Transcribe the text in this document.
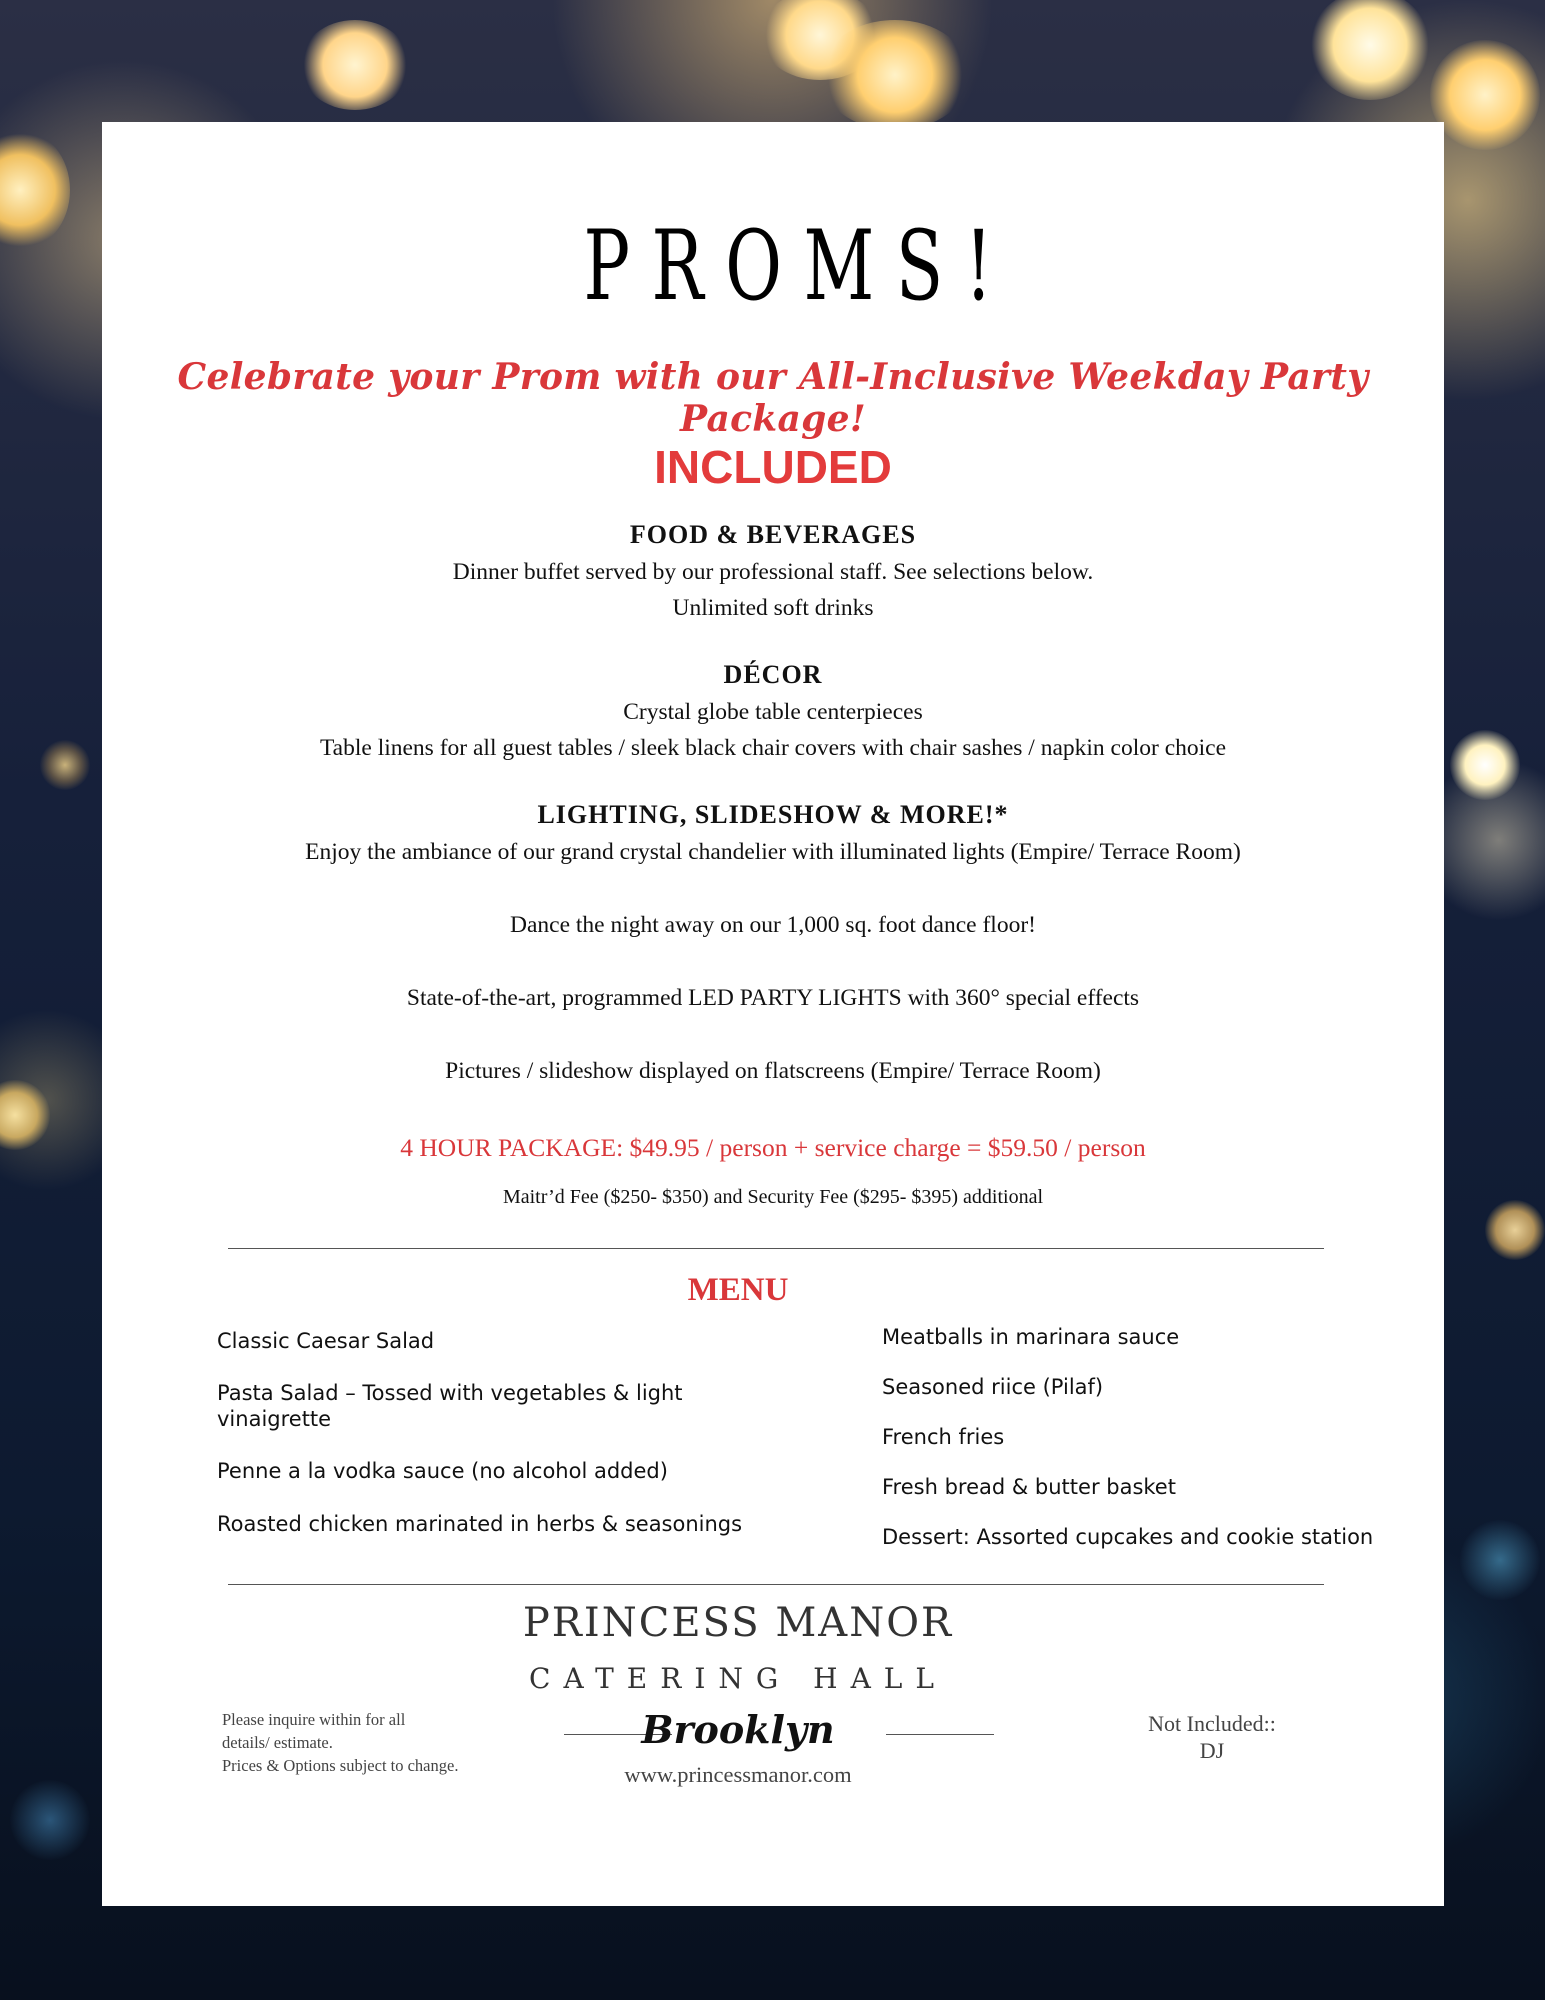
PROMS!
Celebrate your Prom with our All-Inclusive Weekday Party Package!
INCLUDED
FOOD & BEVERAGES
Dinner buffet served by our professional staff. See selections below.
Unlimited soft drinks
DÉCOR
Crystal globe table centerpieces
Table linens for all guest tables / sleek black chair covers with chair sashes / napkin color choice
LIGHTING, SLIDESHOW & MORE!*
Enjoy the ambiance of our grand crystal chandelier with illuminated lights (Empire/ Terrace Room)
Dance the night away on our 1,000 sq. foot dance floor!
State-of-the-art, programmed LED PARTY LIGHTS with 360° special effects
Pictures / slideshow displayed on flatscreens (Empire/ Terrace Room)
4 HOUR PACKAGE: $49.95 / person + service charge = $59.50 / person
Maitr’d Fee ($250- $350) and Security Fee ($295- $395) additional
MENU
Classic Caesar Salad
Pasta Salad – Tossed with vegetables & light
vinaigrette
Penne a la vodka sauce (no alcohol added)
Roasted chicken marinated in herbs & seasonings
Meatballs in marinara sauce
Seasoned riice (Pilaf)
French fries
Fresh bread & butter basket
Dessert: Assorted cupcakes and cookie station
PRINCESS MANOR
CATERING HALL
Brooklyn
www.princessmanor.com
Please inquire within for all
details/ estimate.
Prices & Options subject to change.
Not Included::
DJ
